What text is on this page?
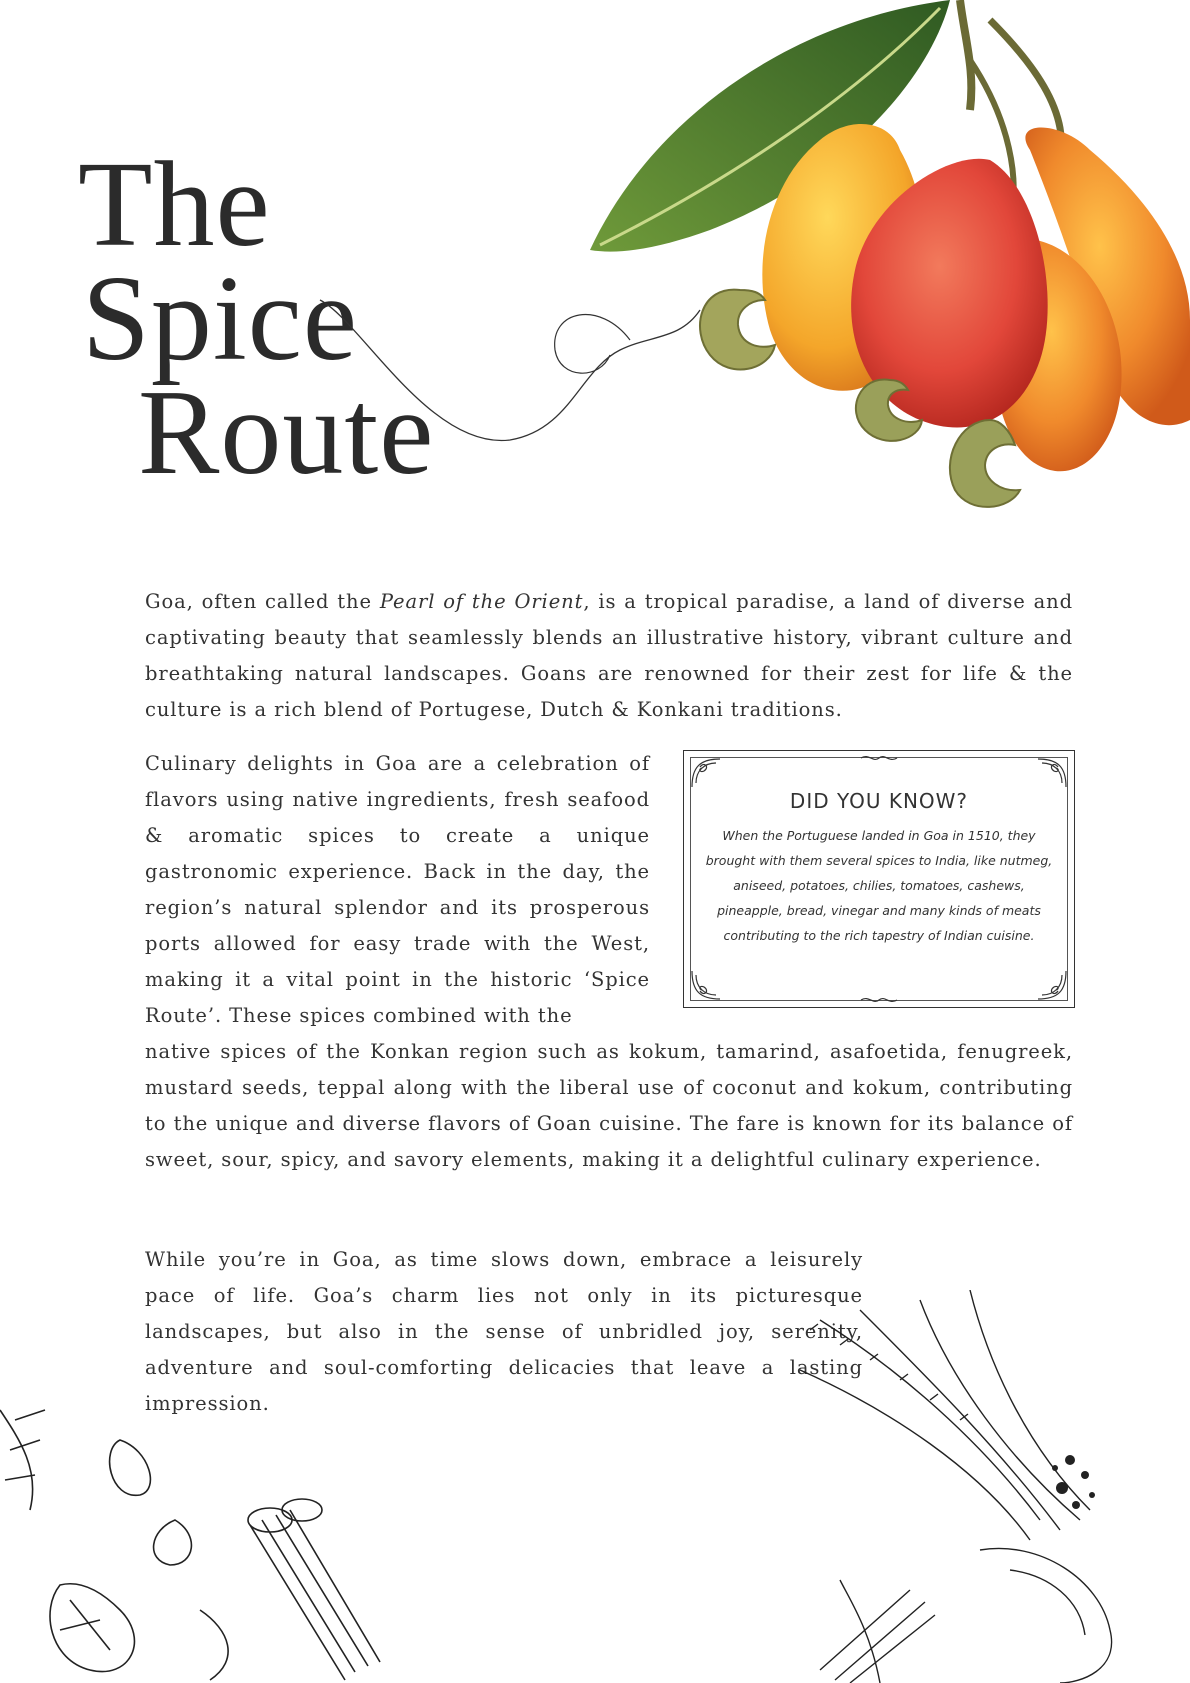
The
Spice
Route
Goa, often called the Pearl of the Orient, is a tropical paradise, a land of diverse and captivating beauty that seamlessly blends an illustrative history, vibrant culture and breathtaking natural landscapes. Goans are renowned for their zest for life & the culture is a rich blend of Portugese, Dutch & Konkani traditions.
Culinary delights in Goa are a celebration of flavors using native ingredients, fresh seafood & aromatic spices to create a unique gastronomic experience. Back in the day, the region’s natural splendor and its prosperous ports allowed for easy trade with the West, making it a vital point in the historic ‘Spice Route’. These spices combined with the
native spices of the Konkan region such as kokum, tamarind, asafoetida, fenugreek, mustard seeds, teppal along with the liberal use of coconut and kokum, contributing to the unique and diverse flavors of Goan cuisine. The fare is known for its balance of sweet, sour, spicy, and savory elements, making it a delightful culinary experience.
DID YOU KNOW?

When the Portuguese landed in Goa in 1510, they brought with them several spices to India, like nutmeg, aniseed, potatoes, chilies, tomatoes, cashews, pineapple, bread, vinegar and many kinds of meats contributing to the rich tapestry of Indian cuisine.

While you’re in Goa, as time slows down, embrace a leisurely pace of life. Goa’s charm lies not only in its picturesque landscapes, but also in the sense of unbridled joy, serenity, adventure and soul-comforting delicacies that leave a lasting impression.
